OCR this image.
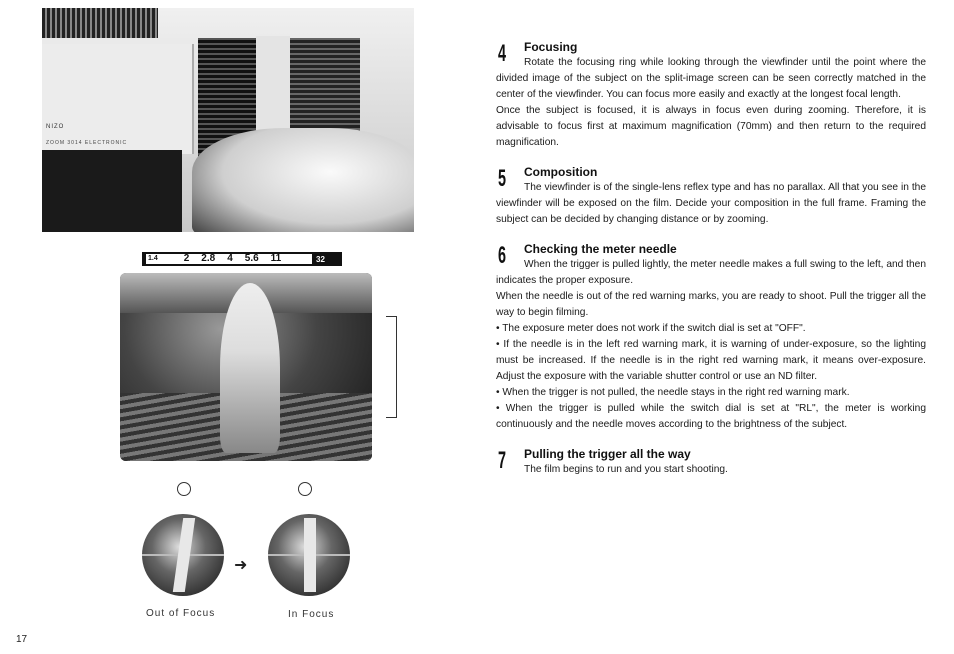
NIZO
ZOOM 3014 ELECTRONIC
1.4	2 2.8 4 5.6 11	32
➜
Out of Focus	In Focus
17
4 Focusing

Rotate the focusing ring while looking through the viewfinder until the point where the divided image of the subject on the split-image screen can be seen correctly matched in the center of the viewfinder. You can focus more easily and exactly at the longest focal length.

Once the subject is focused, it is always in focus even during zooming. Therefore, it is advisable to focus first at maximum magnification (70mm) and then return to the required magnification.

5 Composition

The viewfinder is of the single-lens reflex type and has no parallax. All that you see in the viewfinder will be exposed on the film. Decide your composition in the full frame. Framing the subject can be decided by changing distance or by zooming.

6 Checking the meter needle

When the trigger is pulled lightly, the meter needle makes a full swing to the left, and then indicates the proper exposure.

When the needle is out of the red warning marks, you are ready to shoot. Pull the trigger all the way to begin filming.

• The exposure meter does not work if the switch dial is set at "OFF".

• If the needle is in the left red warning mark, it is warning of under-exposure, so the lighting must be increased. If the needle is in the right red warning mark, it means over-exposure. Adjust the exposure with the variable shutter control or use an ND filter.

• When the trigger is not pulled, the needle stays in the right red warning mark.

• When the trigger is pulled while the switch dial is set at "RL", the meter is working continuously and the needle moves according to the brightness of the subject.

7 Pulling the trigger all the way

The film begins to run and you start shooting.
